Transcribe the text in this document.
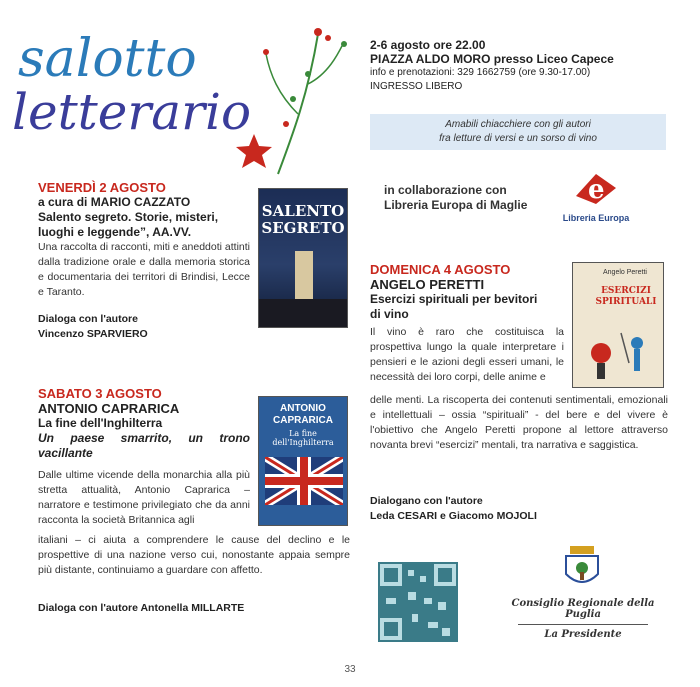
salotto
letterario
2-6 agosto ore 22.00
PIAZZA ALDO MORO presso Liceo Capece
info e prenotazioni: 329 1662759 (ore 9.30-17.00)
INGRESSO LIBERO
Amabili chiacchiere con gli autori
fra letture di versi e un sorso di vino
in collaborazione con
Libreria Europa di Maglie e
Libreria Europa
VENERDÌ 2 AGOSTO
a cura di MARIO CAZZATO
Salento segreto. Storie, misteri,
luoghi e leggende”, AA.VV.
Una raccolta di racconti, miti e aneddoti attinti dalla tradizione orale e dalla memoria storica e documentaria dei territori di Brindisi, Lecce e Taranto.
Dialoga con l'autore
Vincenzo SPARVIERO
SALENTO
SEGRETO
SABATO 3 AGOSTO
ANTONIO CAPRARICA
La fine dell'Inghilterra
Un paese smarrito, un trono vacillante
Dalle ultime vicende della monarchia alla più stretta attualità, Antonio Caprarica – narratore e testimone privilegiato che da anni racconta la società Britannica agli
italiani – ci aiuta a comprendere le cause del declino e le prospettive di una nazione verso cui, nonostante appaia sempre più distante, continuiamo a guardare con affetto.
Dialoga con l'autore Antonella MILLARTE
ANTONIO CAPRARICA
La fine dell'Inghilterra
DOMENICA 4 AGOSTO
ANGELO PERETTI
Esercizi spirituali per bevitori
di vino
Il vino è raro che costituisca la prospettiva lungo la quale interpretare i pensieri e le azioni degli esseri umani, le necessità dei loro corpi, delle anime e
delle menti. La riscoperta dei contenuti sentimentali, emozionali e intellettuali – ossia “spirituali” - del bere e del vivere è l'obiettivo che Angelo Peretti propone al lettore attraverso novanta brevi “esercizi” mentali, tra narrativa e saggistica.
Dialogano con l'autore
Leda CESARI e Giacomo MOJOLI
Angelo Peretti
ESERCIZI SPIRITUALI
Consiglio Regionale della Puglia
La Presidente
33
